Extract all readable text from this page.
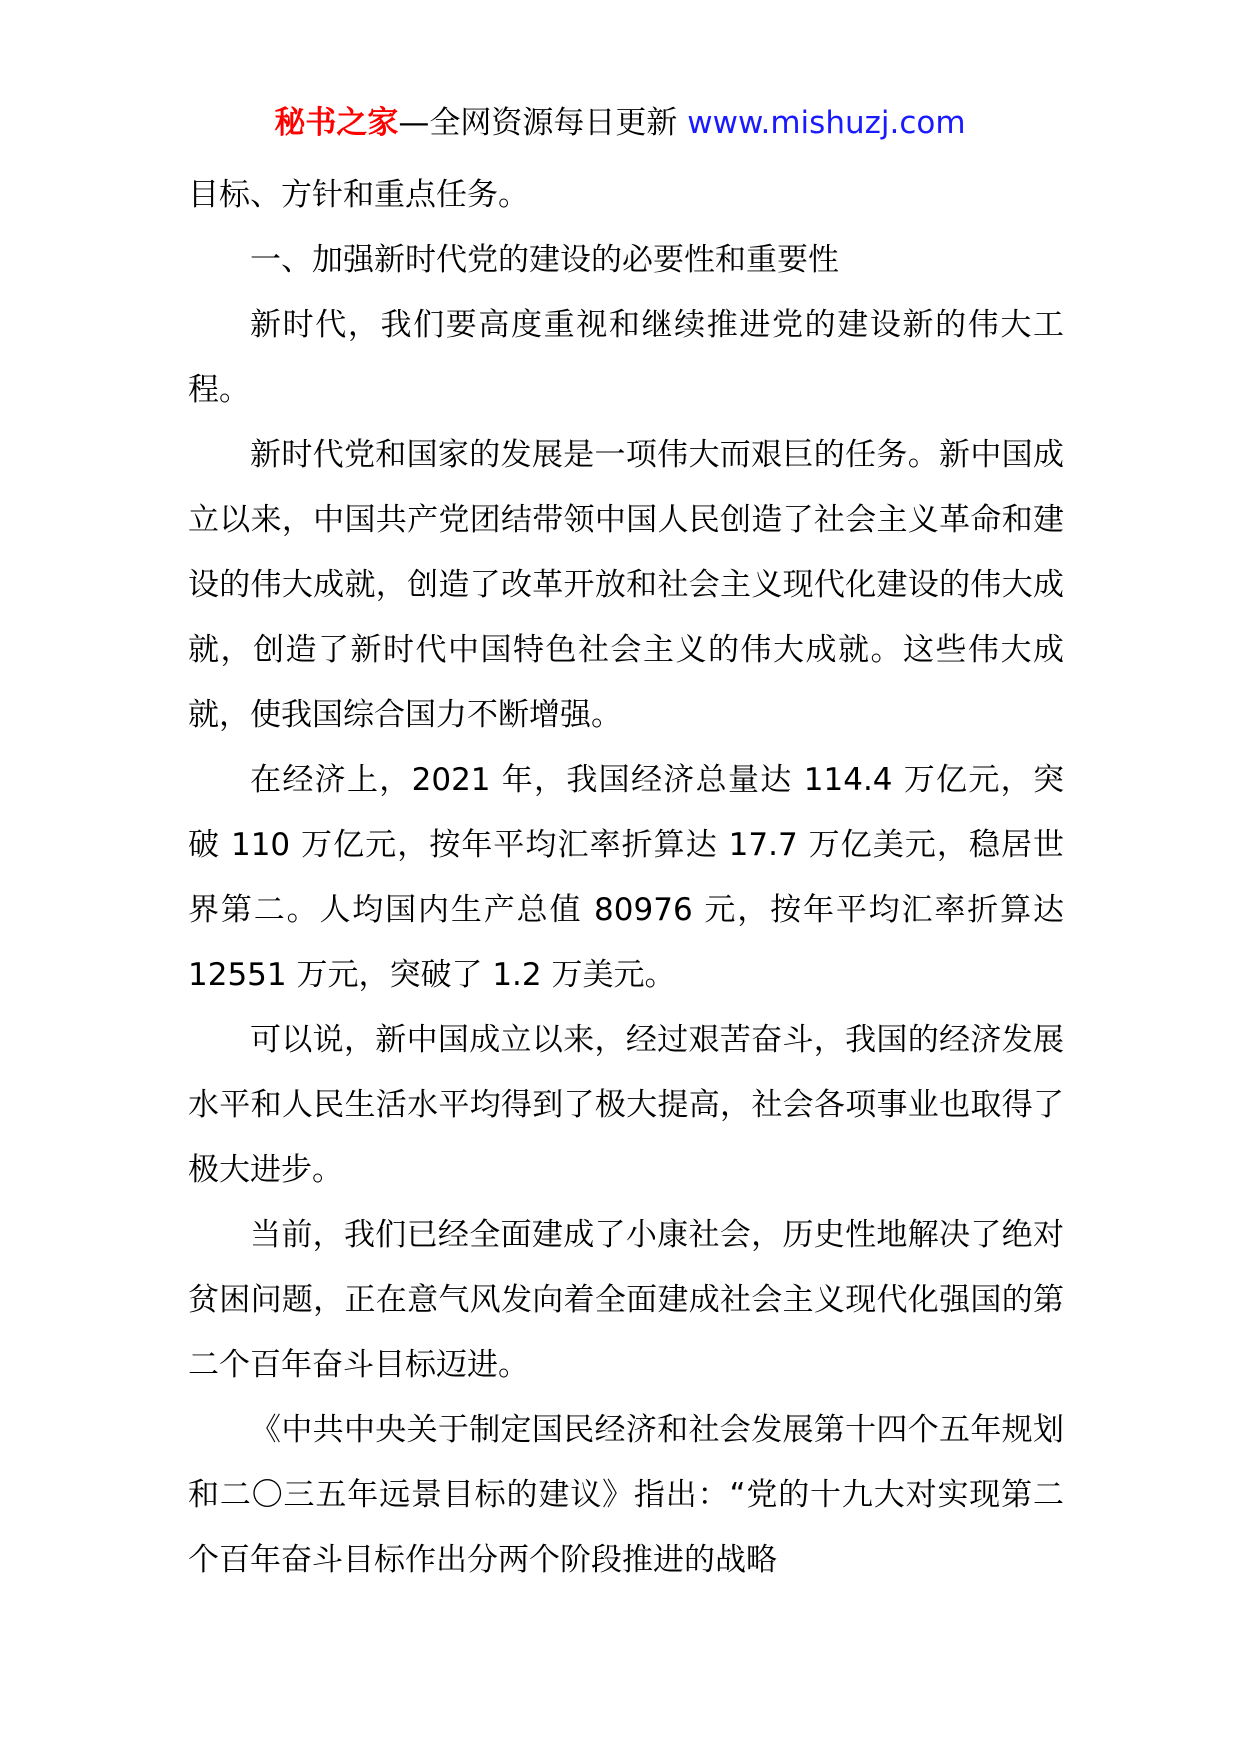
秘书之家—全网资源每日更新 www.mishuzj.com

目标、方针和重点任务。

一、加强新时代党的建设的必要性和重要性

新时代，我们要高度重视和继续推进党的建设新的伟大工程。

新时代党和国家的发展是一项伟大而艰巨的任务。新中国成立以来，中国共产党团结带领中国人民创造了社会主义革命和建设的伟大成就，创造了改革开放和社会主义现代化建设的伟大成就，创造了新时代中国特色社会主义的伟大成就。这些伟大成就，使我国综合国力不断增强。

在经济上，2021 年，我国经济总量达 114.4 万亿元，突破 110 万亿元，按年平均汇率折算达 17.7 万亿美元，稳居世界第二。人均国内生产总值 80976 元，按年平均汇率折算达 12551 万元，突破了 1.2 万美元。

可以说，新中国成立以来，经过艰苦奋斗，我国的经济发展水平和人民生活水平均得到了极大提高，社会各项事业也取得了极大进步。

当前，我们已经全面建成了小康社会，历史性地解决了绝对贫困问题，正在意气风发向着全面建成社会主义现代化强国的第二个百年奋斗目标迈进。

《中共中央关于制定国民经济和社会发展第十四个五年规划和二〇三五年远景目标的建议》指出：“党的十九大对实现第二个百年奋斗目标作出分两个阶段推进的战略
